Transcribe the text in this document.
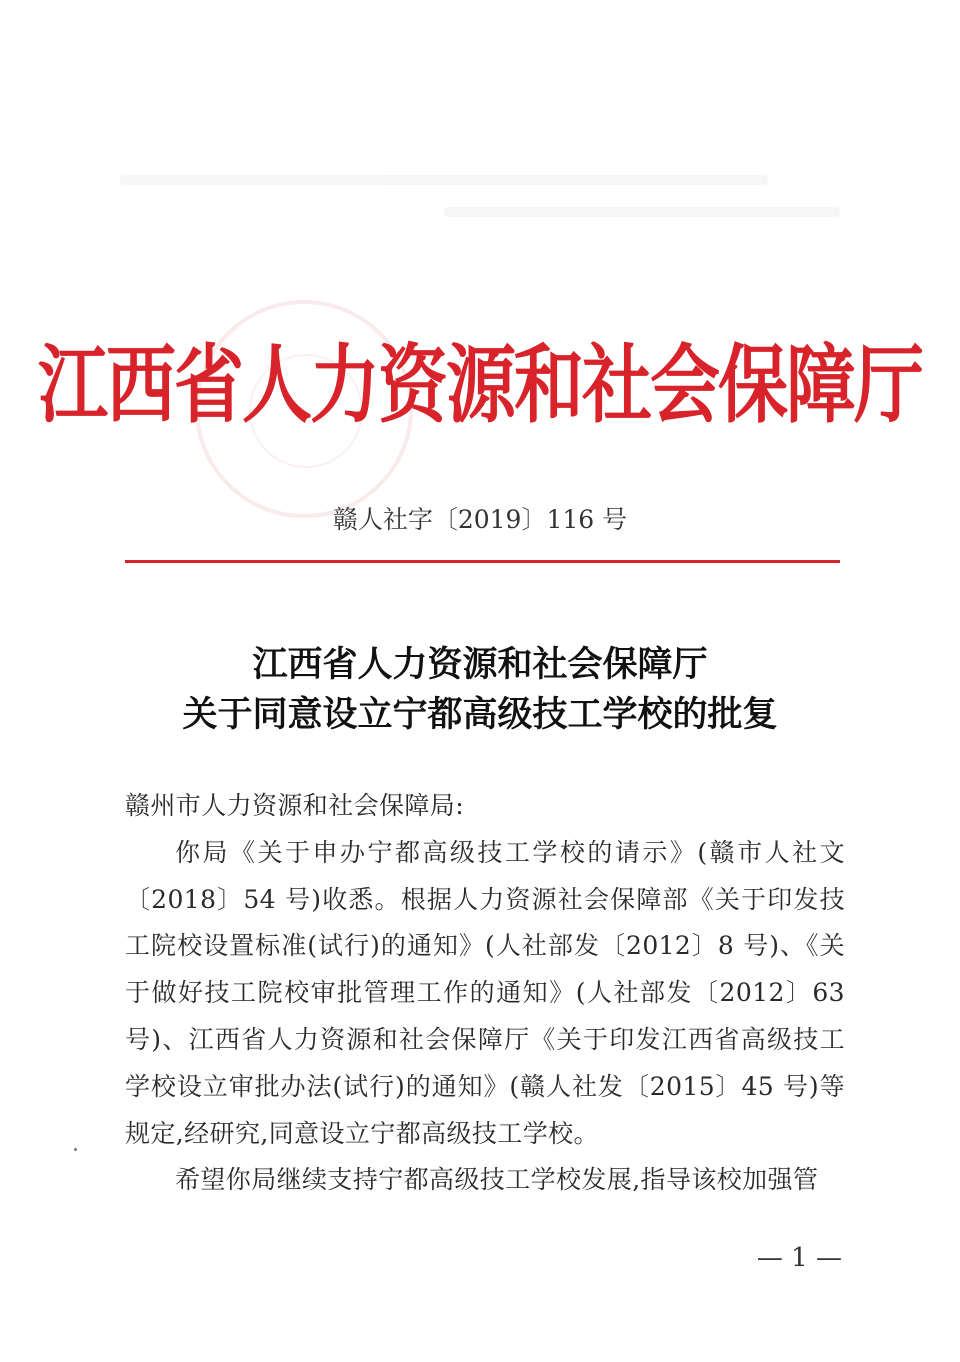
江西省人力资源和社会保障厅
赣人社字〔2019〕116 号
江西省人力资源和社会保障厅
关于同意设立宁都高级技工学校的批复

赣州市人力资源和社会保障局:

你局《关于申办宁都高级技工学校的请示》(赣市人社文〔2018〕54 号)收悉。根据人力资源社会保障部《关于印发技工院校设置标准(试行)的通知》(人社部发〔2012〕8 号)、《关于做好技工院校审批管理工作的通知》(人社部发〔2012〕63 号)、江西省人力资源和社会保障厅《关于印发江西省高级技工学校设立审批办法(试行)的通知》(赣人社发〔2015〕45 号)等规定,经研究,同意设立宁都高级技工学校。

希望你局继续支持宁都高级技工学校发展,指导该校加强管

— 1 —
